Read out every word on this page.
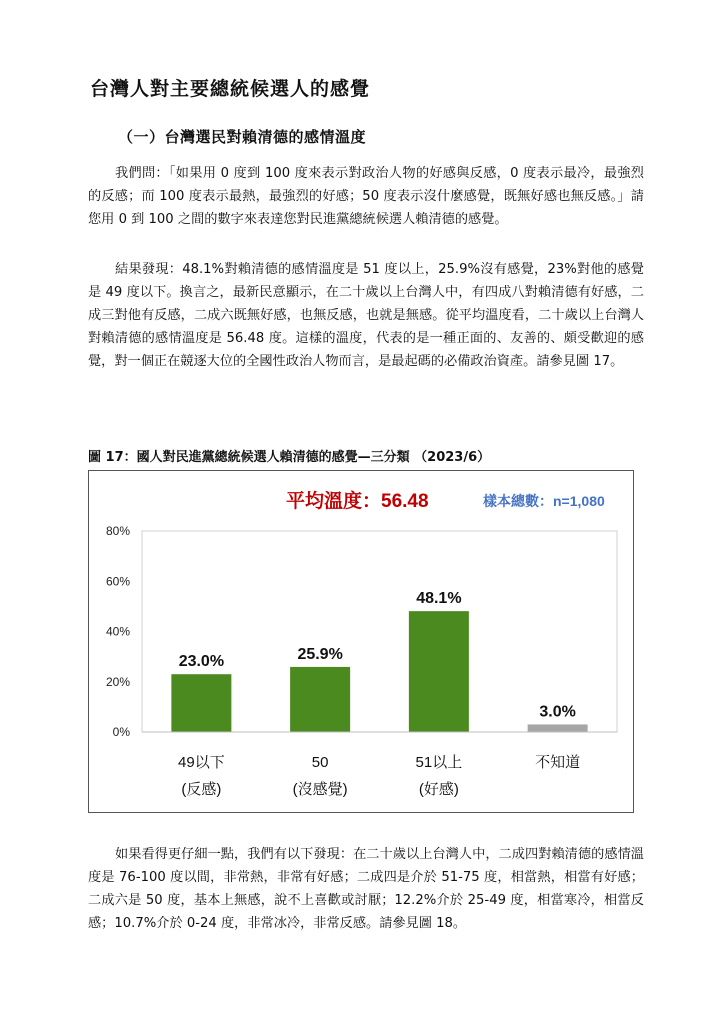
台灣人對主要總統候選人的感覺
（一）台灣選民對賴清德的感情溫度

我們問：「如果用 0 度到 100 度來表示對政治人物的好感與反感，0 度表示最冷，最強烈的反感；而 100 度表示最熱，最強烈的好感；50 度表示沒什麼感覺，既無好感也無反感。」請您用 0 到 100 之間的數字來表達您對民進黨總統候選人賴清德的感覺。

結果發現：48.1%對賴清德的感情溫度是 51 度以上，25.9%沒有感覺，23%對他的感覺是 49 度以下。換言之，最新民意顯示，在二十歲以上台灣人中，有四成八對賴清德有好感，二成三對他有反感，二成六既無好感，也無反感，也就是無感。從平均溫度看，二十歲以上台灣人對賴清德的感情溫度是 56.48 度。這樣的溫度，代表的是一種正面的、友善的、頗受歡迎的感覺，對一個正在競逐大位的全國性政治人物而言，是最起碼的必備政治資產。請參見圖 17。

圖 17：國人對民進黨總統候選人賴清德的感覺—三分類 （2023/6）
平均溫度：56.48	樣本總數：n=1,080
0%
20%
40%
60%
80%
23.0%
49以下
(反感)
25.9%
50
(沒感覺)
48.1%
51以上
(好感)
3.0%
不知道

如果看得更仔細一點，我們有以下發現：在二十歲以上台灣人中，二成四對賴清德的感情溫度是 76-100 度以間，非常熱，非常有好感；二成四是介於 51-75 度，相當熱，相當有好感；二成六是 50 度，基本上無感，說不上喜歡或討厭；12.2%介於 25-49 度，相當寒冷，相當反感；10.7%介於 0-24 度，非常冰冷，非常反感。請參見圖 18。
